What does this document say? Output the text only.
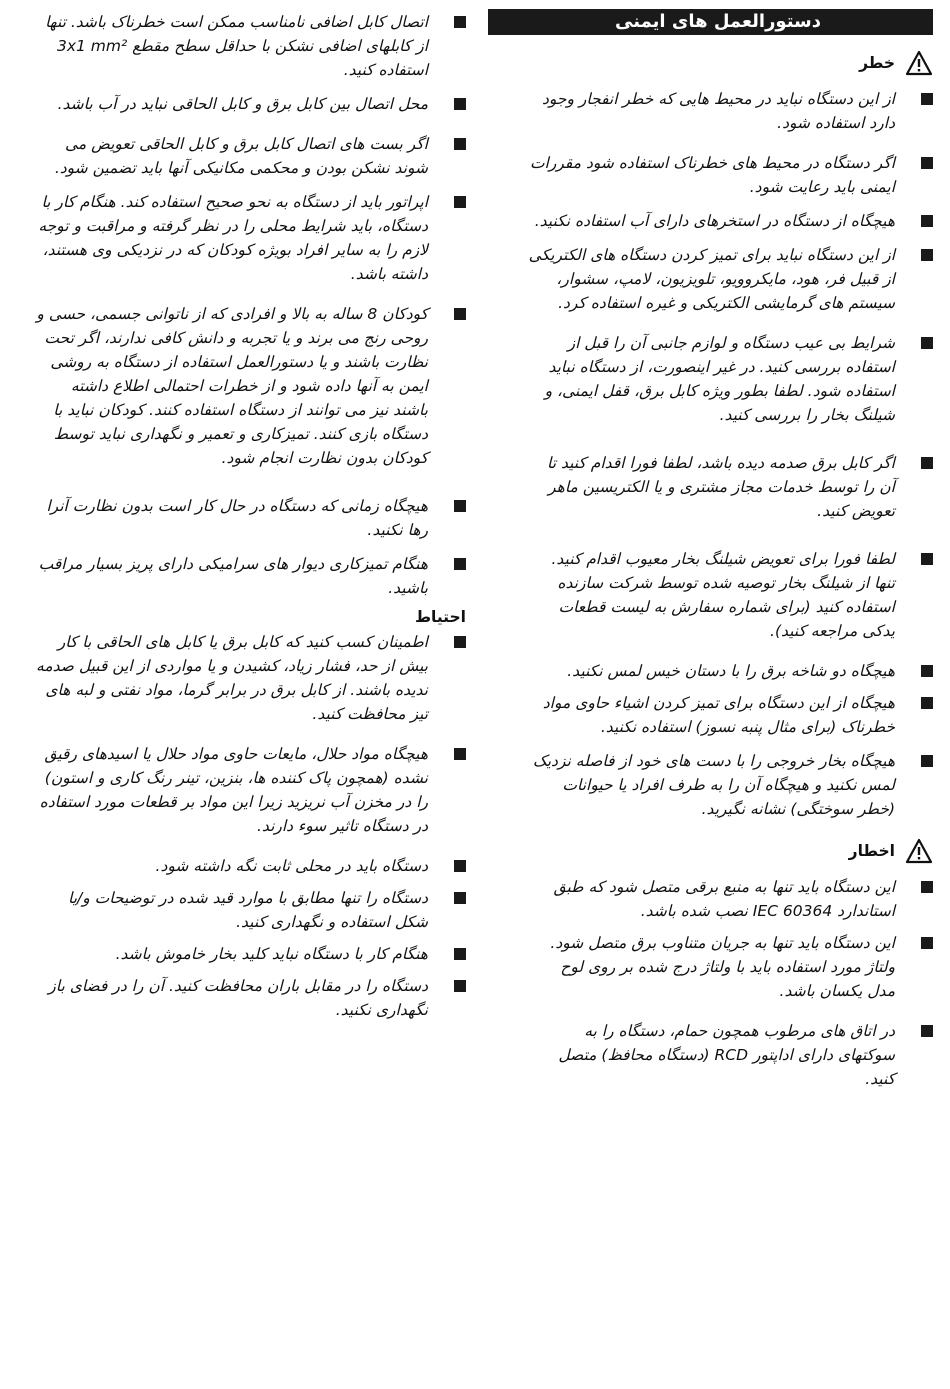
دستورالعمل های ایمنی
خطر
از این دستگاه نباید در محیط هایی که خطر انفجار وجود دارد استفاده شود.
اگر دستگاه در محیط های خطرناک استفاده شود مقررات ایمنی باید رعایت شود.
هیچگاه از دستگاه در استخرهای دارای آب استفاده نکنید.
از این دستگاه نباید برای تمیز کردن دستگاه های الکتریکی از قبیل فر، هود، مایکروویو، تلویزیون، لامپ، سشوار، سیستم های گرمایشی الکتریکی و غیره استفاده کرد.
شرایط بی عیب دستگاه و لوازم جانبی آن را قبل از استفاده بررسی کنید. در غیر اینصورت، از دستگاه نباید استفاده شود. لطفا بطور ویژه کابل برق، قفل ایمنی، و شیلنگ بخار را بررسی کنید.
اگر کابل برق صدمه دیده باشد، لطفا فورا اقدام کنید تا آن را توسط خدمات مجاز مشتری و یا الکتریسین ماهر تعویض کنید.
لطفا فورا برای تعویض شیلنگ بخار معیوب اقدام کنید. تنها از شیلنگ بخار توصیه شده توسط شرکت سازنده استفاده کنید (برای شماره سفارش به لیست قطعات یدکی مراجعه کنید).
هیچگاه دو شاخه برق را با دستان خیس لمس نکنید.
هیچگاه از این دستگاه برای تمیز کردن اشیاء حاوی مواد خطرناک (برای مثال پنبه نسوز) استفاده نکنید.
هیچگاه بخار خروجی را با دست های خود از فاصله نزدیک لمس نکنید و هیچگاه آن را به طرف افراد یا حیوانات (خطر سوختگی) نشانه نگیرید.
اخطار
این دستگاه باید تنها به منبع برقی متصل شود که طبق استاندارد IEC 60364 نصب شده باشد.
این دستگاه باید تنها به جریان متناوب برق متصل شود. ولتاژ مورد استفاده باید با ولتاژ درج شده بر روی لوح مدل یکسان باشد.
در اتاق های مرطوب همچون حمام، دستگاه را به سوکتهای دارای اداپتور RCD (دستگاه محافظ) متصل کنید.
اتصال کابل اضافی نامناسب ممکن است خطرناک باشد. تنها از کابلهای اضافی نشکن با حداقل سطح مقطع 3x1 mm² استفاده کنید.
محل اتصال بین کابل برق و کابل الحاقی نباید در آب باشد.
اگر بست های اتصال کابل برق و کابل الحاقی تعویض می شوند نشکن بودن و محکمی مکانیکی آنها باید تضمین شود.
اپراتور باید از دستگاه به نحو صحیح استفاده کند. هنگام کار با دستگاه، باید شرایط محلی را در نظر گرفته و مراقبت و توجه لازم را به سایر افراد بویژه کودکان که در نزدیکی وی هستند، داشته باشد.
کودکان 8 ساله به بالا و افرادی که از ناتوانی جسمی، حسی و روحی رنج می برند و یا تجربه و دانش کافی ندارند، اگر تحت نظارت باشند و یا دستورالعمل استفاده از دستگاه به روشی ایمن به آنها داده شود و از خطرات احتمالی اطلاع داشته باشند نیز می توانند از دستگاه استفاده کنند. کودکان نباید با دستگاه بازی کنند. تمیزکاری و تعمیر و نگهداری نباید توسط کودکان بدون نظارت انجام شود.
هیچگاه زمانی که دستگاه در حال کار است بدون نظارت آنرا رها نکنید.
هنگام تمیزکاری دیوار های سرامیکی دارای پریز بسیار مراقب باشید.
احتیاط
اطمینان کسب کنید که کابل برق یا کابل های الحاقی با کار بیش از حد، فشار زیاد، کشیدن و یا مواردی از این قبیل صدمه ندیده باشند. از کابل برق در برابر گرما، مواد نفتی و لبه های تیز محافظت کنید.
هیچگاه مواد حلال، مایعات حاوی مواد حلال یا اسیدهای رقیق نشده (همچون پاک کننده ها، بنزین، تینر رنگ کاری و استون) را در مخزن آب نریزید زیرا این مواد بر قطعات مورد استفاده در دستگاه تاثیر سوء دارند.
دستگاه باید در محلی ثابت نگه داشته شود.
دستگاه را تنها مطابق با موارد قید شده در توضیحات و/یا شکل استفاده و نگهداری کنید.
هنگام کار با دستگاه نباید کلید بخار خاموش باشد.
دستگاه را در مقابل باران محافظت کنید. آن را در فضای باز نگهداری نکنید.
